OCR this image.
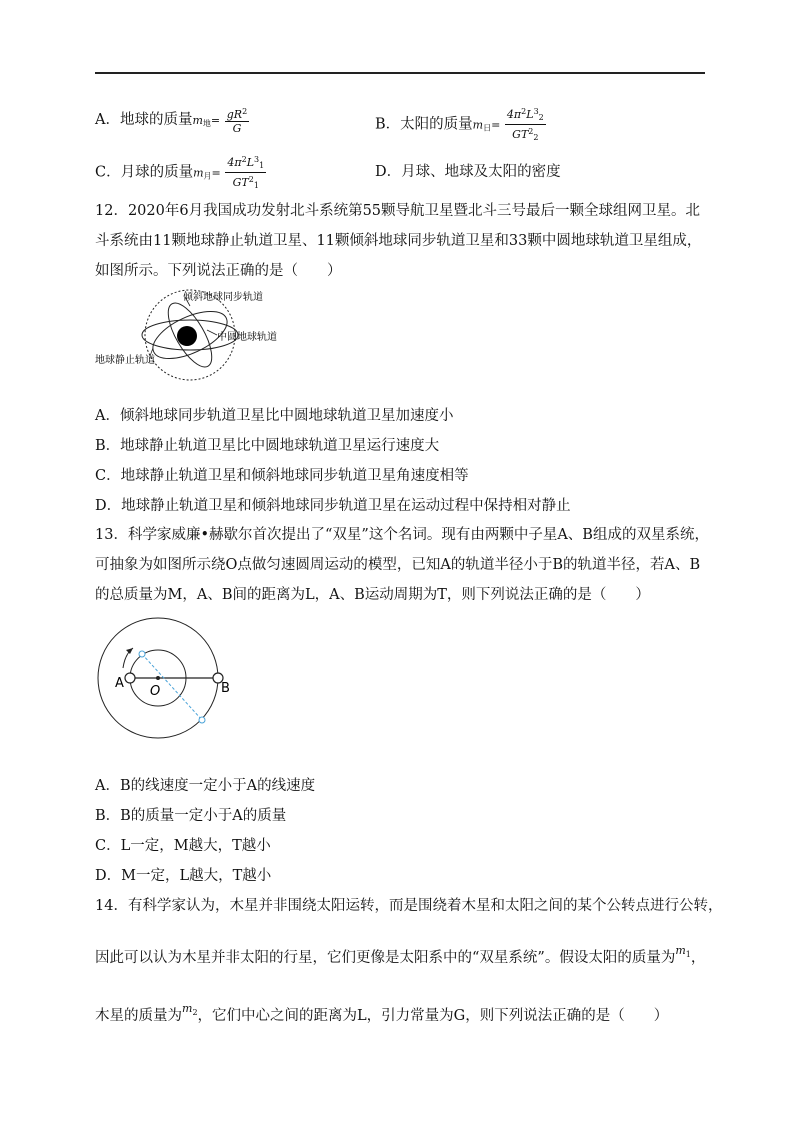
A．地球的质量$m_地= \frac{gR^2}{G}$	B．太阳的质量$m_日= \frac{4\pi^2L^3_2}{GT^2_2}$
C．月球的质量$m_月= \frac{4\pi^2L^3_1}{GT^2_1}$	D．月球、地球及太阳的密度
12．2020年6月我国成功发射北斗系统第55颗导航卫星暨北斗三号最后一颗全球组网卫星。北斗系统由11颗地球静止轨道卫星、11颗倾斜地球同步轨道卫星和33颗中圆地球轨道卫星组成，如图所示。下列说法正确的是（　　）
倾斜地球同步轨道
中圆地球轨道
地球静止轨道
A．倾斜地球同步轨道卫星比中圆地球轨道卫星加速度小
B．地球静止轨道卫星比中圆地球轨道卫星运行速度大
C．地球静止轨道卫星和倾斜地球同步轨道卫星角速度相等
D．地球静止轨道卫星和倾斜地球同步轨道卫星在运动过程中保持相对静止
13．科学家威廉•赫歇尔首次提出了“双星”这个名词。现有由两颗中子星A、B组成的双星系统，可抽象为如图所示绕O点做匀速圆周运动的模型，已知A的轨道半径小于B的轨道半径，若A、B的总质量为M，A、B间的距离为L，A、B运动周期为T，则下列说法正确的是（　　）
A
O	B
A．B的线速度一定小于A的线速度
B．B的质量一定小于A的质量
C．L一定，M越大，T越小
D．M一定，L越大，T越小
14．有科学家认为，木星并非围绕太阳运转，而是围绕着木星和太阳之间的某个公转点进行公转，
因此可以认为木星并非太阳的行星，它们更像是太阳系中的“双星系统”。假设太阳的质量为$^{m1}$，
木星的质量为$^{m2}$，它们中心之间的距离为L，引力常量为G，则下列说法正确的是（　　）
